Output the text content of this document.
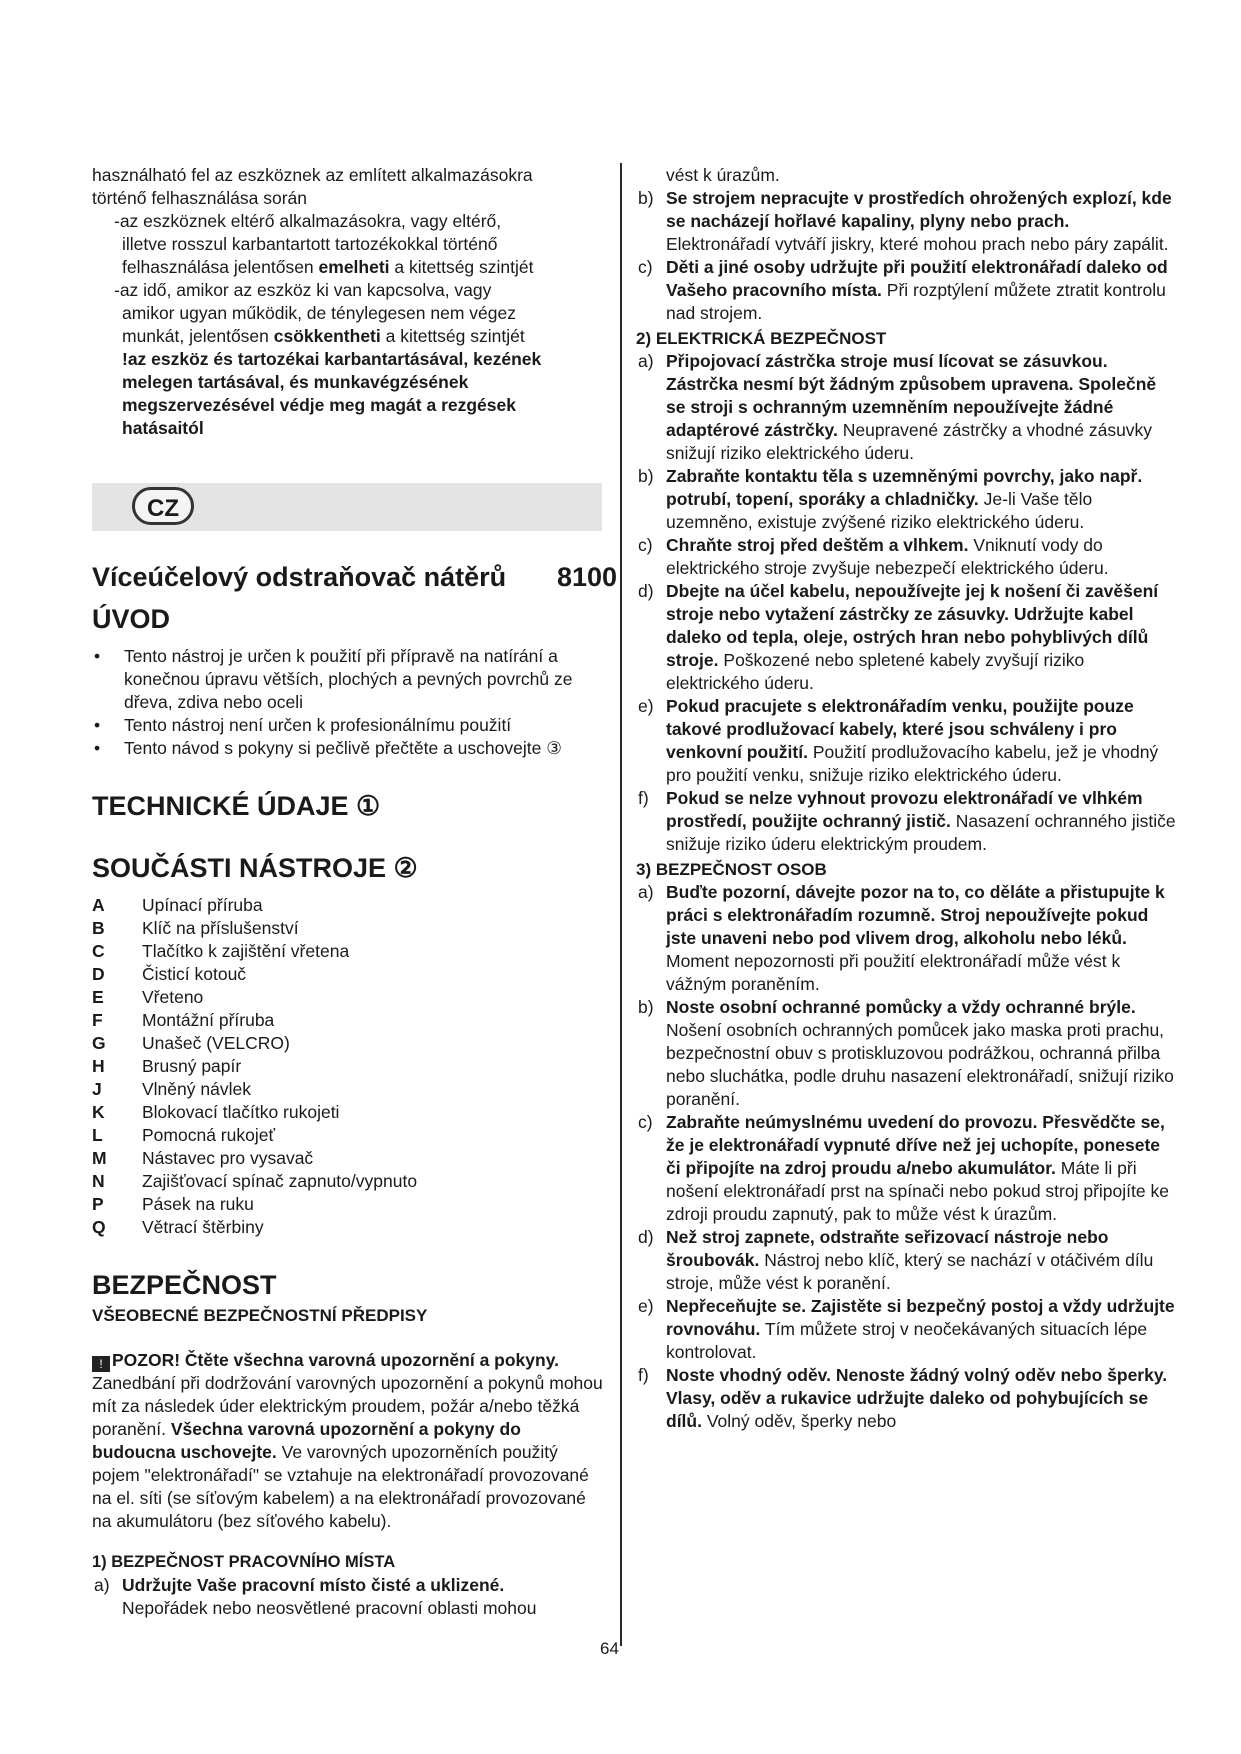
használható fel az eszköznek az említett alkalmazásokra

történő felhasználása során

-az eszköznek eltérő alkalmazásokra, vagy eltérő,

illetve rosszul karbantartott tartozékokkal történő

felhasználása jelentősen emelheti a kitettség szintjét

-az idő, amikor az eszköz ki van kapcsolva, vagy

amikor ugyan működik, de ténylegesen nem végez

munkát, jelentősen csökkentheti a kitettség szintjét

!az eszköz és tartozékai karbantartásával, kezének

melegen tartásával, és munkavégzésének

megszervezésével védje meg magát a rezgések

hatásaitól

CZ
Víceúčelový odstraňovač nátěrů 8100
ÚVOD
• Tento nástroj je určen k použití při přípravě na natírání a konečnou úpravu větších, plochých a pevných povrchů ze dřeva, zdiva nebo oceli
• Tento nástroj není určen k profesionálnímu použití
• Tento návod s pokyny si pečlivě přečtěte a uschovejte ③
TECHNICKÉ ÚDAJE ①
SOUČÁSTI NÁSTROJE ②
A	Upínací příruba
B	Klíč na příslušenství
C	Tlačítko k zajištění vřetena
D	Čisticí kotouč
E	Vřeteno
F	Montážní příruba
G	Unašeč (VELCRO)
H	Brusný papír
J	Vlněný návlek
K	Blokovací tlačítko rukojeti
L	Pomocná rukojeť
M	Nástavec pro vysavač
N	Zajišťovací spínač zapnuto/vypnuto
P	Pásek na ruku
Q	Větrací štěrbiny
BEZPEČNOST
VŠEOBECNÉ BEZPEČNOSTNÍ PŘEDPISY

! POZOR! Čtěte všechna varovná upozornění a pokyny. Zanedbání při dodržování varovných upozornění a pokynů mohou mít za následek úder elektrickým proudem, požár a/nebo těžká poranění. Všechna varovná upozornění a pokyny do budoucna uschovejte. Ve varovných upozorněních použitý pojem "elektronářadí" se vztahuje na elektronářadí provozované na el. síti (se síťovým kabelem) a na elektronářadí provozované na akumulátoru (bez síťového kabelu).

1) BEZPEČNOST PRACOVNÍHO MÍSTA

a) Udržujte Vaše pracovní místo čisté a uklizené.
Nepořádek nebo neosvětlené pracovní oblasti mohou

vést k úrazům.

b) Se strojem nepracujte v prostředích ohrožených explozí, kde se nacházejí hořlavé kapaliny, plyny nebo prach. Elektronářadí vytváří jiskry, které mohou prach nebo páry zapálit.
c) Děti a jiné osoby udržujte při použití elektronářadí daleko od Vašeho pracovního místa. Při rozptýlení můžete ztratit kontrolu nad strojem.

2) ELEKTRICKÁ BEZPEČNOST

a) Připojovací zástrčka stroje musí lícovat se zásuvkou. Zástrčka nesmí být žádným způsobem upravena. Společně se stroji s ochranným uzemněním nepoužívejte žádné adaptérové zástrčky. Neupravené zástrčky a vhodné zásuvky snižují riziko elektrického úderu.
b) Zabraňte kontaktu těla s uzemněnými povrchy, jako např. potrubí, topení, sporáky a chladničky. Je-li Vaše tělo uzemněno, existuje zvýšené riziko elektrického úderu.
c) Chraňte stroj před deštěm a vlhkem. Vniknutí vody do elektrického stroje zvyšuje nebezpečí elektrického úderu.
d) Dbejte na účel kabelu, nepoužívejte jej k nošení či zavěšení stroje nebo vytažení zástrčky ze zásuvky. Udržujte kabel daleko od tepla, oleje, ostrých hran nebo pohyblivých dílů stroje. Poškozené nebo spletené kabely zvyšují riziko elektrického úderu.
e) Pokud pracujete s elektronářadím venku, použijte pouze takové prodlužovací kabely, které jsou schváleny i pro venkovní použití. Použití prodlužovacího kabelu, jež je vhodný pro použití venku, snižuje riziko elektrického úderu.
f) Pokud se nelze vyhnout provozu elektronářadí ve vlhkém prostředí, použijte ochranný jistič. Nasazení ochranného jističe snižuje riziko úderu elektrickým proudem.

3) BEZPEČNOST OSOB

a) Buďte pozorní, dávejte pozor na to, co děláte a přistupujte k práci s elektronářadím rozumně. Stroj nepoužívejte pokud jste unaveni nebo pod vlivem drog, alkoholu nebo léků. Moment nepozornosti při použití elektronářadí může vést k vážným poraněním.
b) Noste osobní ochranné pomůcky a vždy ochranné brýle. Nošení osobních ochranných pomůcek jako maska proti prachu, bezpečnostní obuv s protiskluzovou podrážkou, ochranná přilba nebo sluchátka, podle druhu nasazení elektronářadí, snižují riziko poranění.
c) Zabraňte neúmyslnému uvedení do provozu. Přesvědčte se, že je elektronářadí vypnuté dříve než jej uchopíte, ponesete či připojíte na zdroj proudu a/nebo akumulátor. Máte li při nošení elektronářadí prst na spínači nebo pokud stroj připojíte ke zdroji proudu zapnutý, pak to může vést k úrazům.
d) Než stroj zapnete, odstraňte seřizovací nástroje nebo šroubovák. Nástroj nebo klíč, který se nachází v otáčivém dílu stroje, může vést k poranění.
e) Nepřeceňujte se. Zajistěte si bezpečný postoj a vždy udržujte rovnováhu. Tím můžete stroj v neočekávaných situacích lépe kontrolovat.
f) Noste vhodný oděv. Nenoste žádný volný oděv nebo šperky. Vlasy, oděv a rukavice udržujte daleko od pohybujících se dílů. Volný oděv, šperky nebo
64
